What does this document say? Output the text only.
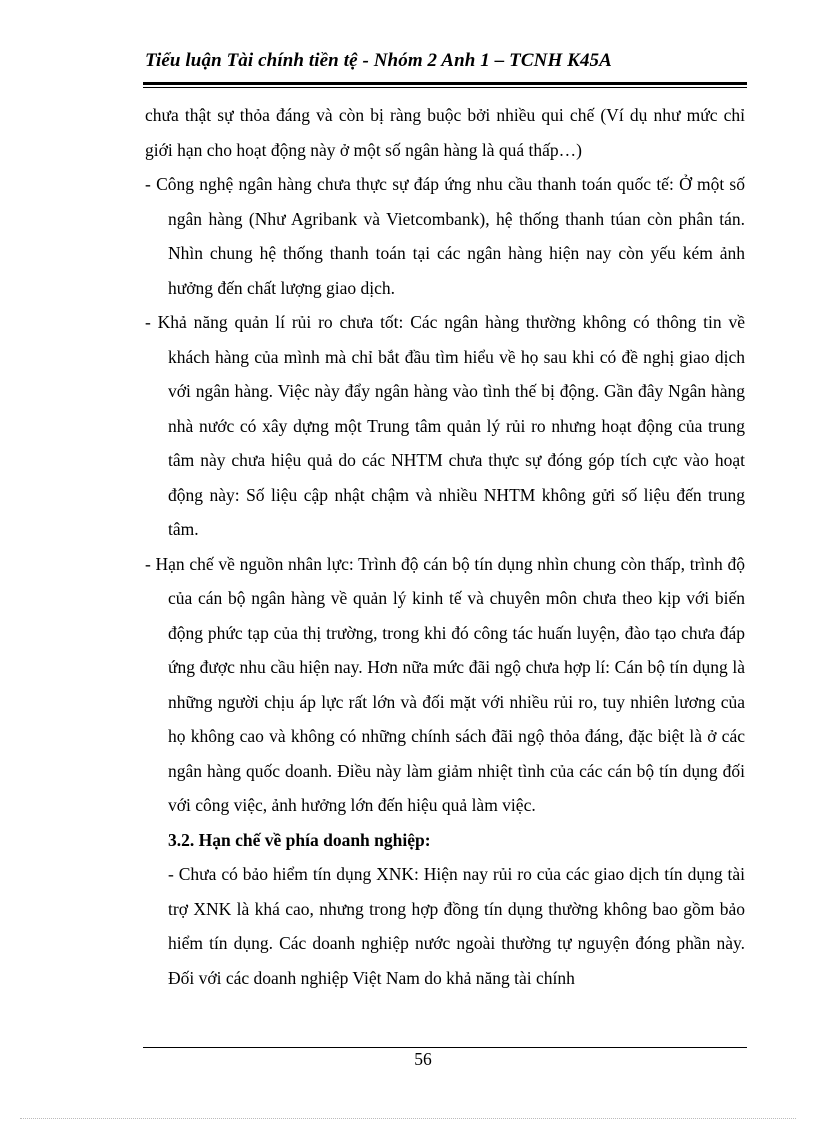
Tiểu luận Tài chính tiền tệ - Nhóm 2 Anh 1 – TCNH K45A

chưa thật sự thỏa đáng và còn bị ràng buộc bởi nhiều qui chế (Ví dụ như mức chỉ giới hạn cho hoạt động này ở một số ngân hàng là quá thấp…)

- Công nghệ ngân hàng chưa thực sự đáp ứng nhu cầu thanh toán quốc tế: Ở một số ngân hàng (Như Agribank và Vietcombank), hệ thống thanh túan còn phân tán. Nhìn chung hệ thống thanh toán tại các ngân hàng hiện nay còn yếu kém ảnh hưởng đến chất lượng giao dịch.

- Khả năng quản lí rủi ro chưa tốt: Các ngân hàng thường không có thông tin về khách hàng của mình mà chỉ bắt đầu tìm hiểu về họ sau khi có đề nghị giao dịch với ngân hàng. Việc này đẩy ngân hàng vào tình thế bị động. Gần đây Ngân hàng nhà nước có xây dựng một Trung tâm quản lý rủi ro nhưng hoạt động của trung tâm này chưa hiệu quả do các NHTM chưa thực sự đóng góp tích cực vào hoạt động này: Số liệu cập nhật chậm và nhiều NHTM không gửi số liệu đến trung tâm.

- Hạn chế về nguồn nhân lực: Trình độ cán bộ tín dụng nhìn chung còn thấp, trình độ của cán bộ ngân hàng về quản lý kinh tế và chuyên môn chưa theo kịp với biến động phức tạp của thị trường, trong khi đó công tác huấn luyện, đào tạo chưa đáp ứng được nhu cầu hiện nay. Hơn nữa mức đãi ngộ chưa hợp lí: Cán bộ tín dụng là những người chịu áp lực rất lớn và đối mặt với nhiều rủi ro, tuy nhiên lương của họ không cao và không có những chính sách đãi ngộ thỏa đáng, đặc biệt là ở các ngân hàng quốc doanh. Điều này làm giảm nhiệt tình của các cán bộ tín dụng đối với công việc, ảnh hưởng lớn đến hiệu quả làm việc.

3.2. Hạn chế về phía doanh nghiệp:

- Chưa có bảo hiểm tín dụng XNK: Hiện nay rủi ro của các giao dịch tín dụng tài trợ XNK là khá cao, nhưng trong hợp đồng tín dụng thường không bao gồm bảo hiểm tín dụng. Các doanh nghiệp nước ngoài thường tự nguyện đóng phần này. Đối với các doanh nghiệp Việt Nam do khả năng tài chính

56
